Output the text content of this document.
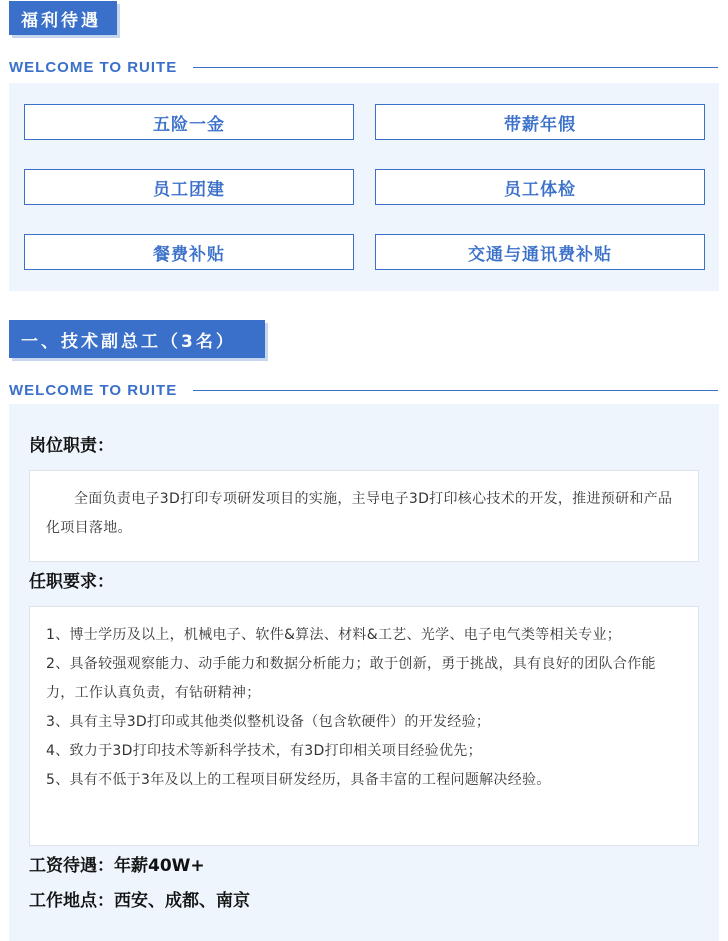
福利待遇
WELCOME TO RUITE
五险一金	带薪年假
员工团建	员工体检
餐费补贴	交通与通讯费补贴
一、技术副总工（3名）
WELCOME TO RUITE
岗位职责：
全面负责电子3D打印专项研发项目的实施，主导电子3D打印核心技术的开发，推进预研和产品化项目落地。
任职要求：
1、博士学历及以上，机械电子、软件&算法、材料&工艺、光学、电子电气类等相关专业；
2、具备较强观察能力、动手能力和数据分析能力；敢于创新，勇于挑战，具有良好的团队合作能力，工作认真负责，有钻研精神；
3、具有主导3D打印或其他类似整机设备（包含软硬件）的开发经验；
4、致力于3D打印技术等新科学技术，有3D打印相关项目经验优先；
5、具有不低于3年及以上的工程项目研发经历，具备丰富的工程问题解决经验。
工资待遇：年薪40W+
工作地点：西安、成都、南京
